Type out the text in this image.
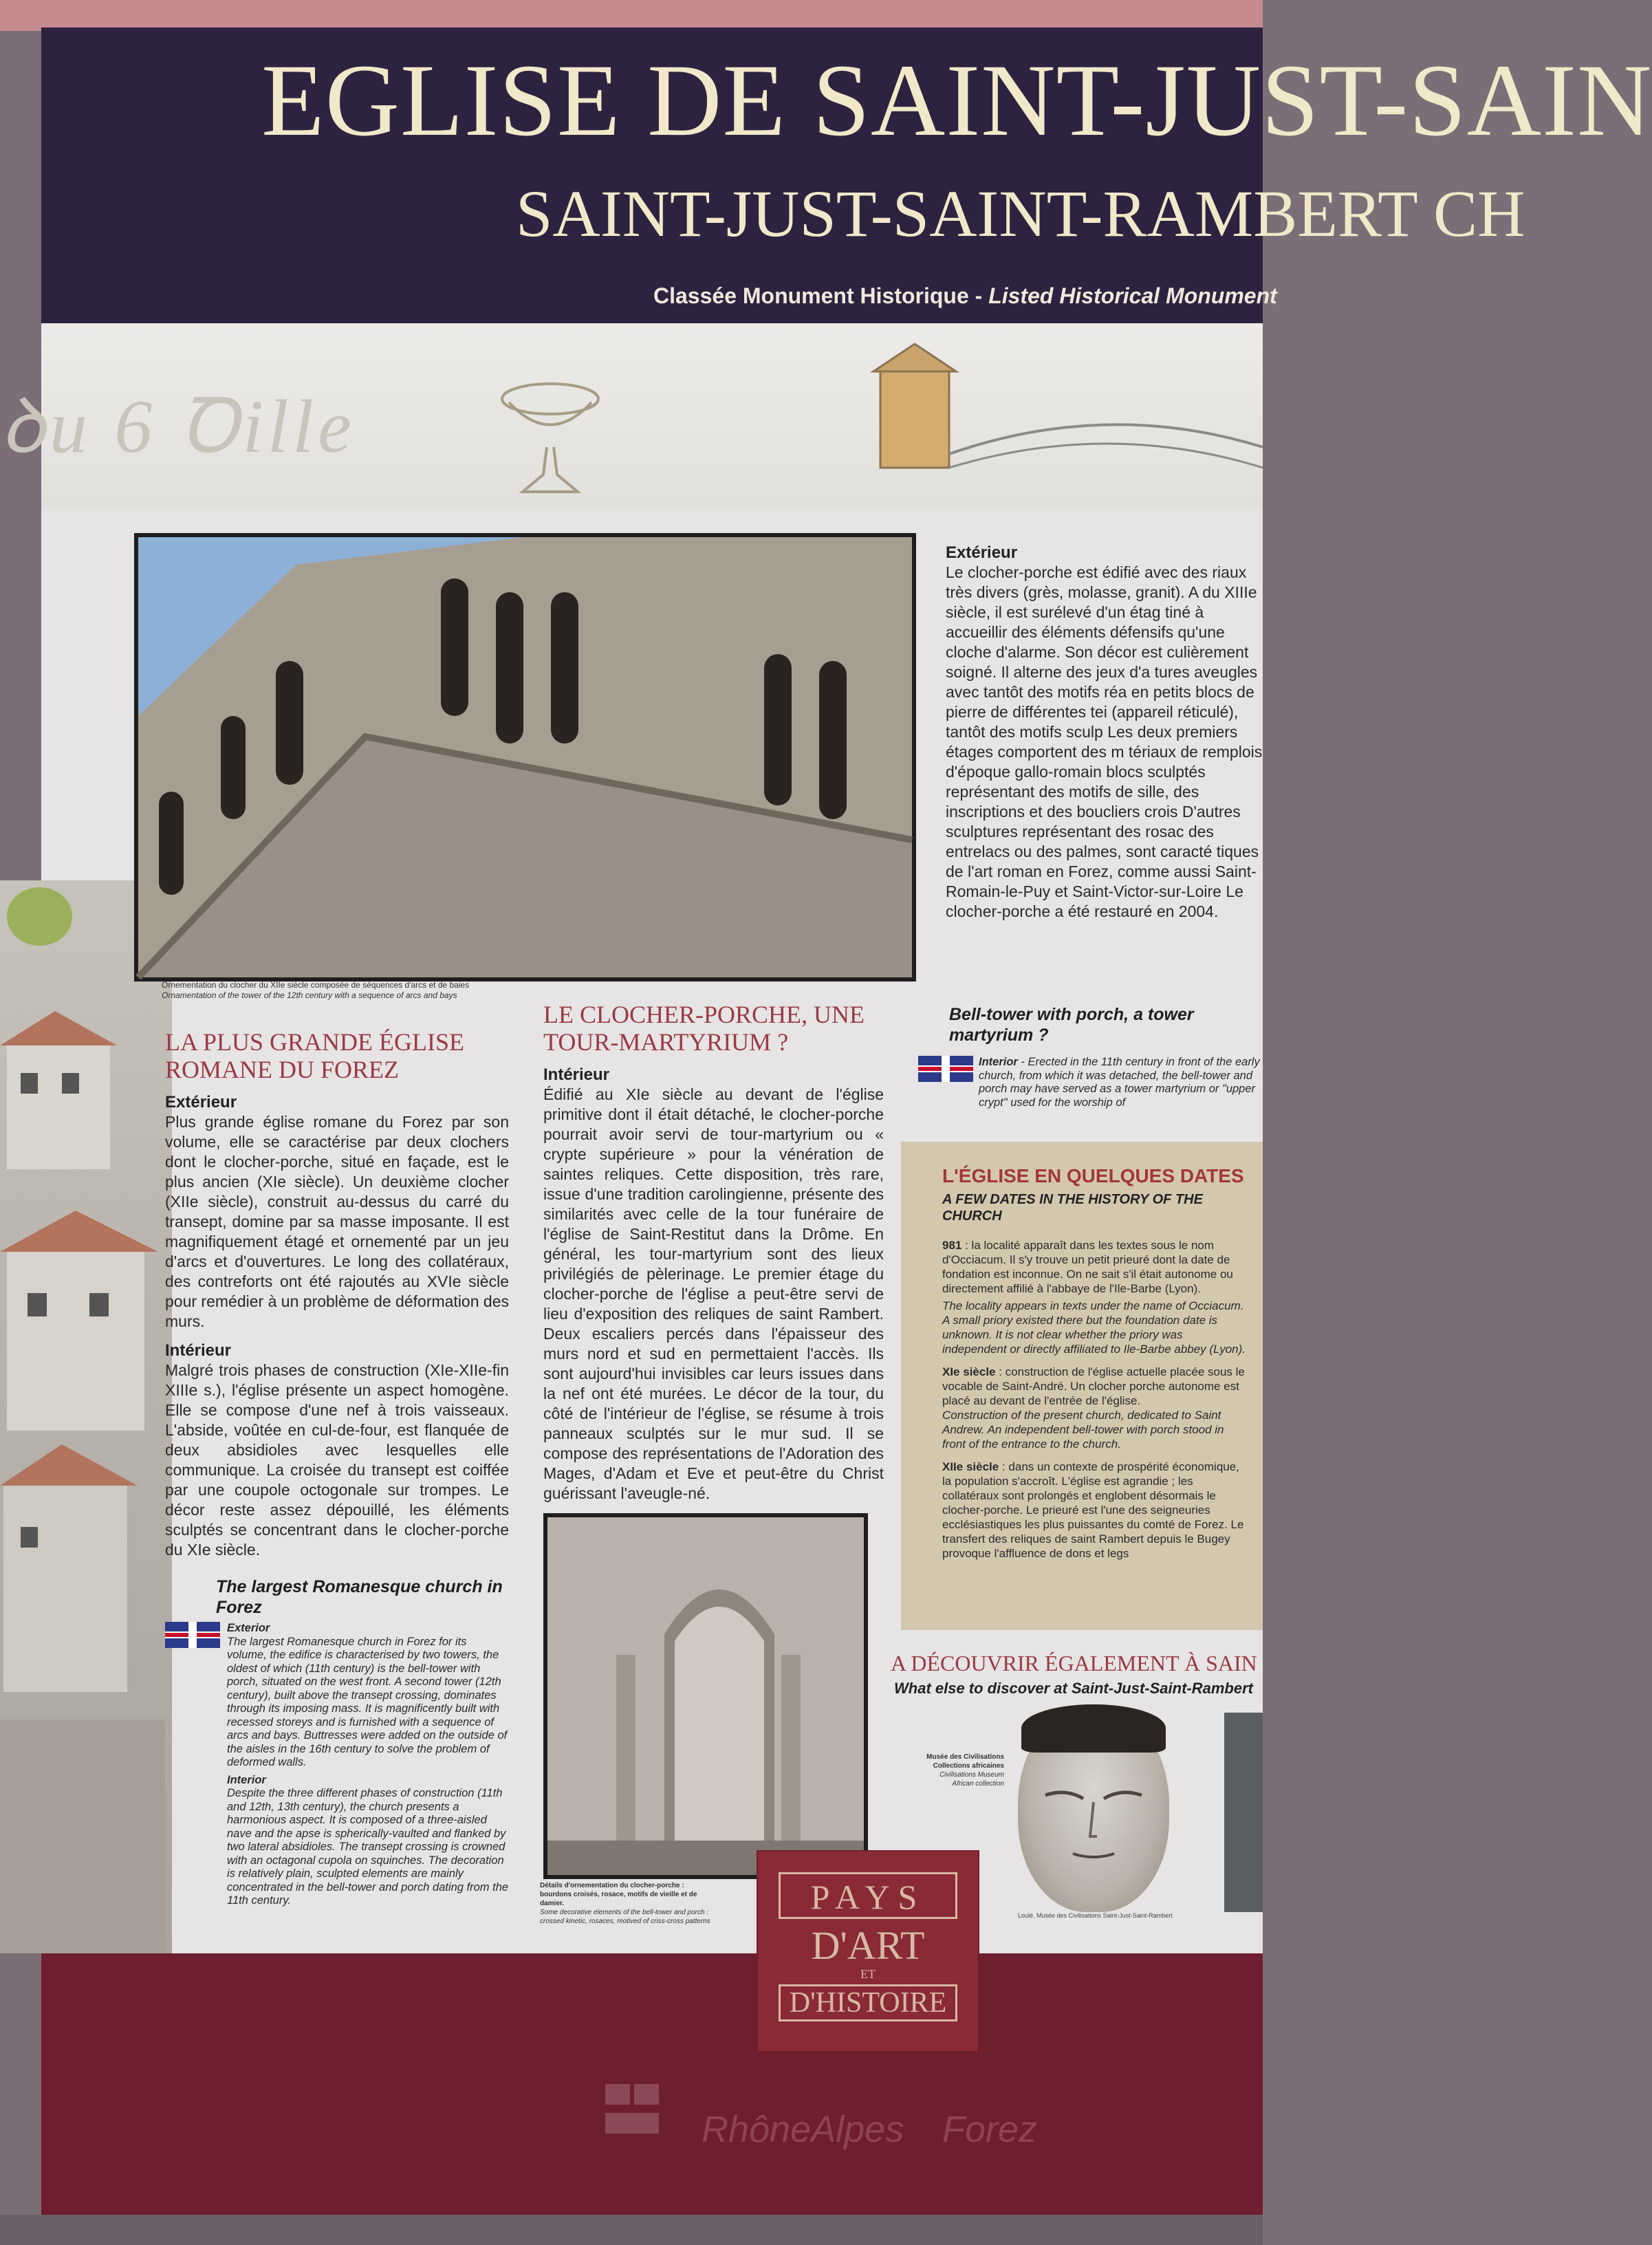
EGLISE DE SAINT-JUST-SAIN
SAINT-JUST-SAINT-RAMBERT CH
Classée Monument Historique - Listed Historical Monument
ꝺu 6 Ꝺille
Ornementation du clocher du XIIe siècle composée de séquences d'arcs et de baies
Ornamentation of the tower of the 12th century with a sequence of arcs and bays
LA PLUS GRANDE ÉGLISE ROMANE DU FOREZ
Extérieur
Plus grande église romane du Forez par son volume, elle se caractérise par deux clochers dont le clocher-porche, situé en façade, est le plus ancien (XIe siècle). Un deuxième clocher (XIIe siècle), construit au-dessus du carré du transept, domine par sa masse imposante. Il est magnifiquement étagé et ornementé par un jeu d'arcs et d'ouvertures. Le long des collatéraux, des contreforts ont été rajoutés au XVIe siècle pour remédier à un problème de déformation des murs.
Intérieur
Malgré trois phases de construction (XIe-XIIe-fin XIIIe s.), l'église présente un aspect homogène. Elle se compose d'une nef à trois vaisseaux. L'abside, voûtée en cul-de-four, est flanquée de deux absidioles avec lesquelles elle communique. La croisée du transept est coiffée par une coupole octogonale sur trompes. Le décor reste assez dépouillé, les éléments sculptés se concentrant dans le clocher-porche du XIe siècle.
The largest Romanesque church in Forez
Exterior
The largest Romanesque church in Forez for its volume, the edifice is characterised by two towers, the oldest of which (11th century) is the bell-tower with porch, situated on the west front. A second tower (12th century), built above the transept crossing, dominates through its imposing mass. It is magnificently built with recessed storeys and is furnished with a sequence of arcs and bays. Buttresses were added on the outside of the aisles in the 16th century to solve the problem of deformed walls.
Interior
Despite the three different phases of construction (11th and 12th, 13th century), the church presents a harmonious aspect. It is composed of a three-aisled nave and the apse is spherically-vaulted and flanked by two lateral absidioles. The transept crossing is crowned with an octagonal cupola on squinches. The decoration is relatively plain, sculpted elements are mainly concentrated in the bell-tower and porch dating from the 11th century.
LE CLOCHER-PORCHE, UNE TOUR-MARTYRIUM ?
Intérieur
Édifié au XIe siècle au devant de l'église primitive dont il était détaché, le clocher-porche pourrait avoir servi de tour-martyrium ou « crypte supérieure » pour la vénération de saintes reliques. Cette disposition, très rare, issue d'une tradition carolingienne, présente des similarités avec celle de la tour funéraire de l'église de Saint-Restitut dans la Drôme. En général, les tour-martyrium sont des lieux privilégiés de pèlerinage. Le premier étage du clocher-porche de l'église a peut-être servi de lieu d'exposition des reliques de saint Rambert. Deux escaliers percés dans l'épaisseur des murs nord et sud en permettaient l'accès. Ils sont aujourd'hui invisibles car leurs issues dans la nef ont été murées. Le décor de la tour, du côté de l'intérieur de l'église, se résume à trois panneaux sculptés sur le mur sud. Il se compose des représentations de l'Adoration des Mages, d'Adam et Eve et peut-être du Christ guérissant l'aveugle-né.
Détails d'ornementation du clocher-porche : bourdons croisés, rosace, motifs de vieille et de damier.
Some decorative elements of the bell-tower and porch : crossed kinetic, rosaces, motived of criss-cross patterns
Extérieur
Le clocher-porche est édifié avec des riaux très divers (grès, molasse, granit). A du XIIIe siècle, il est surélevé d'un étag tiné à accueillir des éléments défensifs qu'une cloche d'alarme. Son décor est culièrement soigné. Il alterne des jeux d'a tures aveugles avec tantôt des motifs réa en petits blocs de pierre de différentes tei (appareil réticulé), tantôt des motifs sculp Les deux premiers étages comportent des m tériaux de remplois d'époque gallo-romain blocs sculptés représentant des motifs de sille, des inscriptions et des boucliers crois D'autres sculptures représentant des rosac des entrelacs ou des palmes, sont caracté tiques de l'art roman en Forez, comme aussi Saint-Romain-le-Puy et Saint-Victor-sur-Loire Le clocher-porche a été restauré en 2004.
Bell-tower with porch, a tower martyrium ?
Interior - Erected in the 11th century in front of the early church, from which it was detached, the bell-tower and porch may have served as a tower martyrium or "upper crypt" used for the worship of
L'ÉGLISE EN QUELQUES DATES
A FEW DATES IN THE HISTORY OF THE CHURCH
981 : la localité apparaît dans les textes sous le nom d'Occiacum. Il s'y trouve un petit prieuré dont la date de fondation est inconnue. On ne sait s'il était autonome ou directement affilié à l'abbaye de l'Ile-Barbe (Lyon).
The locality appears in texts under the name of Occiacum. A small priory existed there but the foundation date is unknown. It is not clear whether the priory was independent or directly affiliated to Ile-Barbe abbey (Lyon).
XIe siècle : construction de l'église actuelle placée sous le vocable de Saint-André. Un clocher porche autonome est placé au devant de l'entrée de l'église.
Construction of the present church, dedicated to Saint Andrew. An independent bell-tower with porch stood in front of the entrance to the church.
XIIe siècle : dans un contexte de prospérité économique, la population s'accroît. L'église est agrandie ; les collatéraux sont prolongés et englobent désormais le clocher-porche. Le prieuré est l'une des seigneuries ecclésiastiques les plus puissantes du comté de Forez. Le transfert des reliques de saint Rambert depuis le Bugey provoque l'affluence de dons et legs
A DÉCOUVRIR ÉGALEMENT À SAIN
What else to discover at Saint-Just-Saint-Rambert
Musée des Civilisations
Collections africaines
Civilisations Museum
African collection
Loulé. Musée des Civilisations Saint-Just-Saint-Rambert
PAYS
D'ART
ET
D'HISTOIRE
RhôneAlpes Forez
